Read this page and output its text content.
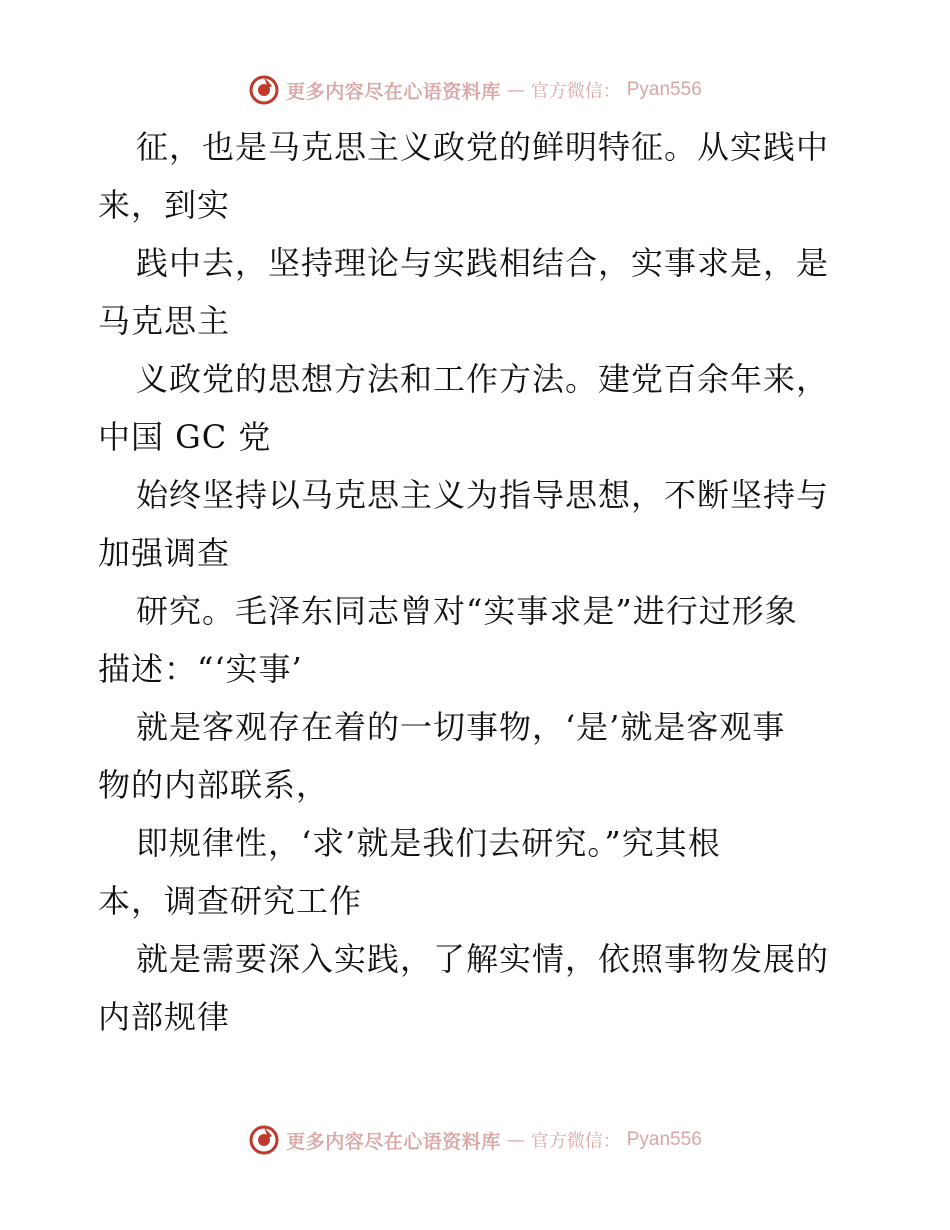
更多内容尽在心语资料库 — 官方微信： Pyan556
征，也是马克思主义政党的鲜明特征。从实践中
来，到实
践中去，坚持理论与实践相结合，实事求是，是
马克思主
义政党的思想方法和工作方法。建党百余年来，
中国 GC 党
始终坚持以马克思主义为指导思想，不断坚持与
加强调查
研究。毛泽东同志曾对“实事求是”进行过形象
描述：“‘实事’
就是客观存在着的一切事物，‘是’就是客观事
物的内部联系，
即规律性，‘求’就是我们去研究。”究其根
本，调查研究工作
就是需要深入实践，了解实情，依照事物发展的
内部规律
更多内容尽在心语资料库 — 官方微信： Pyan556
